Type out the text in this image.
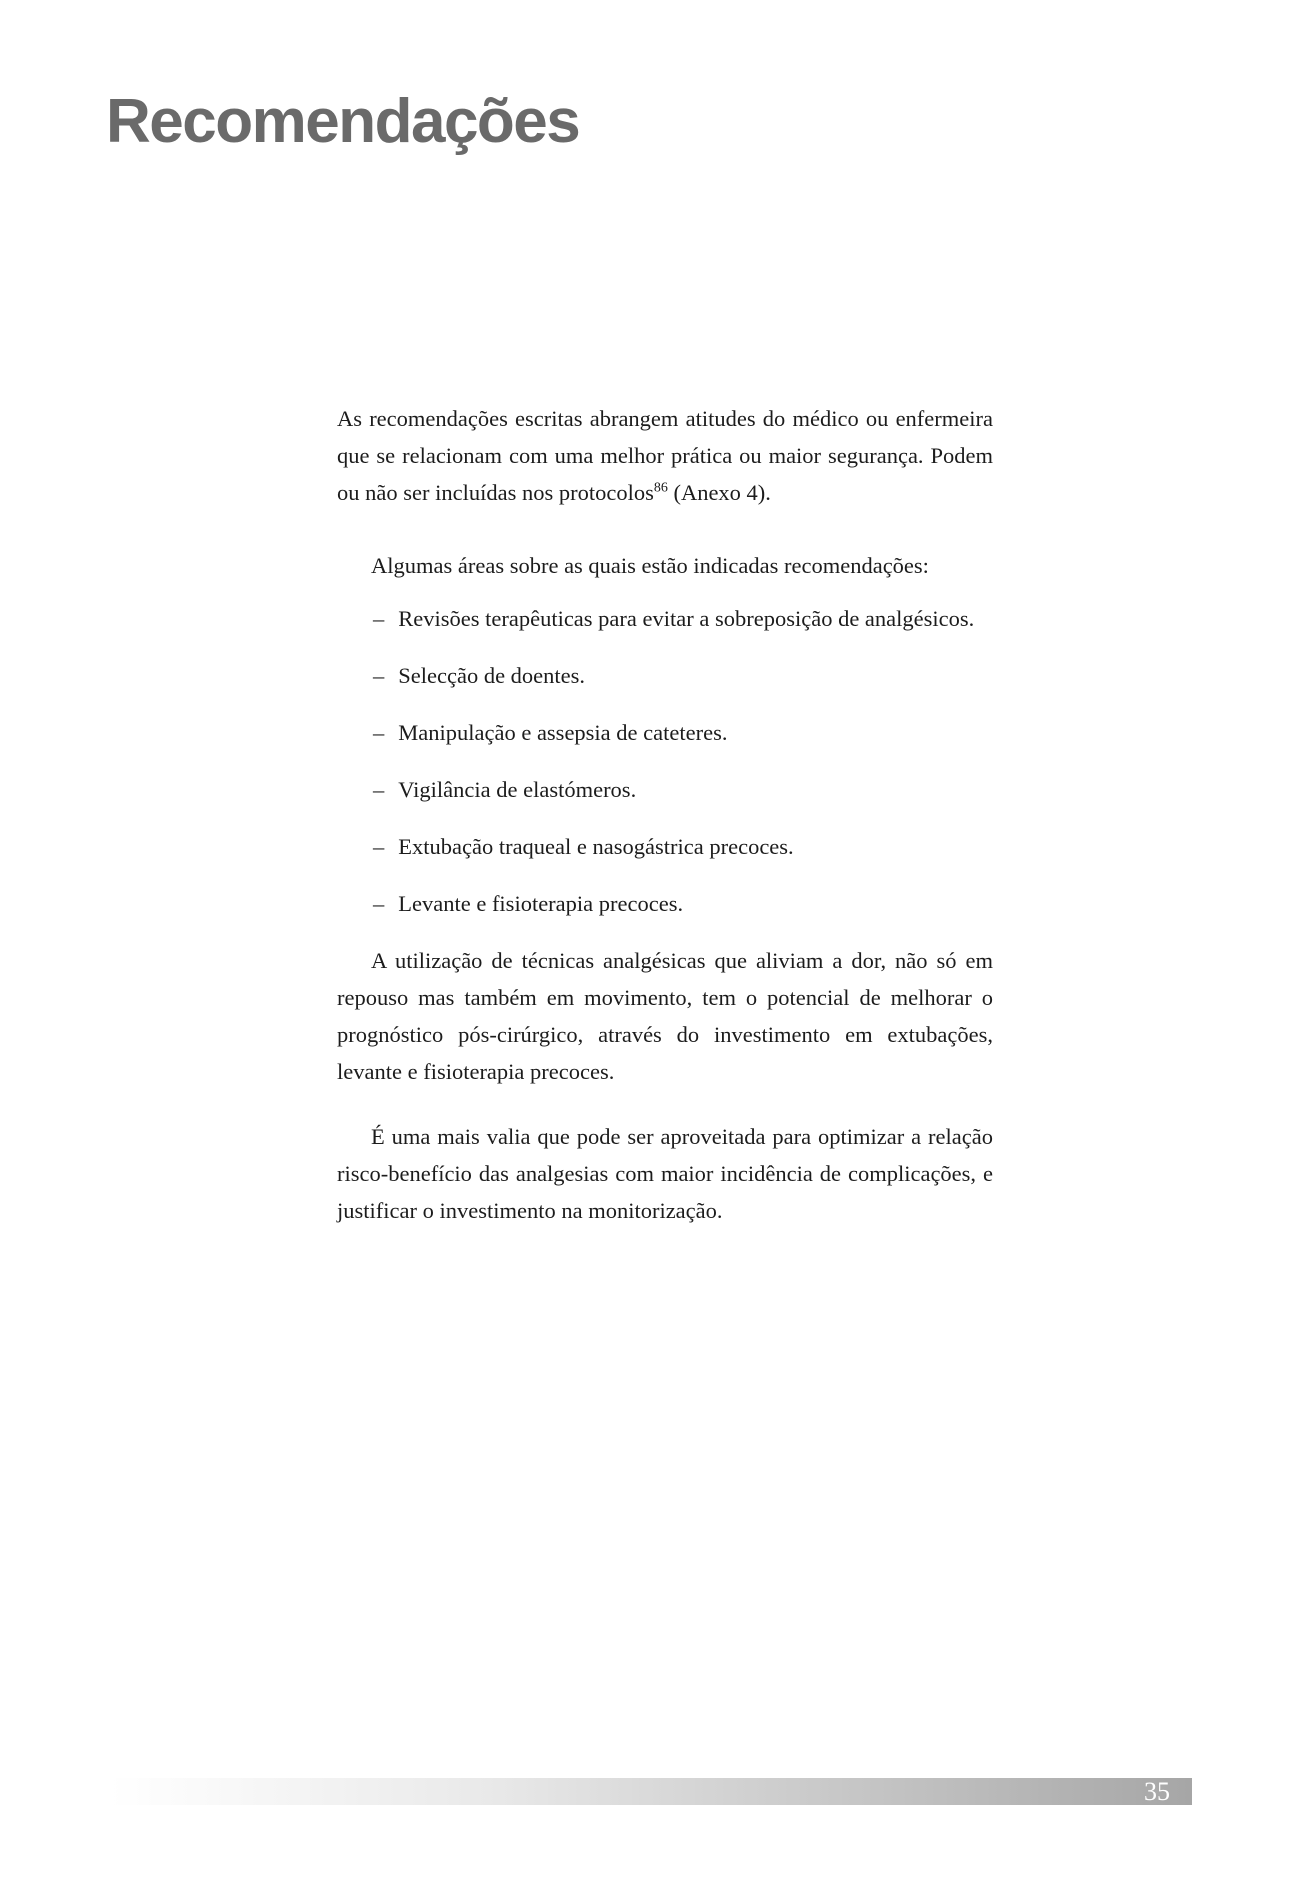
Recomendações

As recomendações escritas abrangem atitudes do médico ou enfermeira que se relacionam com uma melhor prática ou maior segurança. Podem ou não ser incluídas nos protocolos$^{86}$ (Anexo 4).

Algumas áreas sobre as quais estão indicadas recomendações:

– Revisões terapêuticas para evitar a sobreposição de analgésicos.
– Selecção de doentes.
– Manipulação e assepsia de cateteres.
– Vigilância de elastómeros.
– Extubação traqueal e nasogástrica precoces.
– Levante e fisioterapia precoces.

A utilização de técnicas analgésicas que aliviam a dor, não só em repouso mas também em movimento, tem o potencial de melhorar o prognóstico pós-cirúrgico, através do investimento em extubações, levante e fisioterapia precoces.

É uma mais valia que pode ser aproveitada para optimizar a relação risco-benefício das analgesias com maior incidência de complicações, e justificar o investimento na monitorização.

35
